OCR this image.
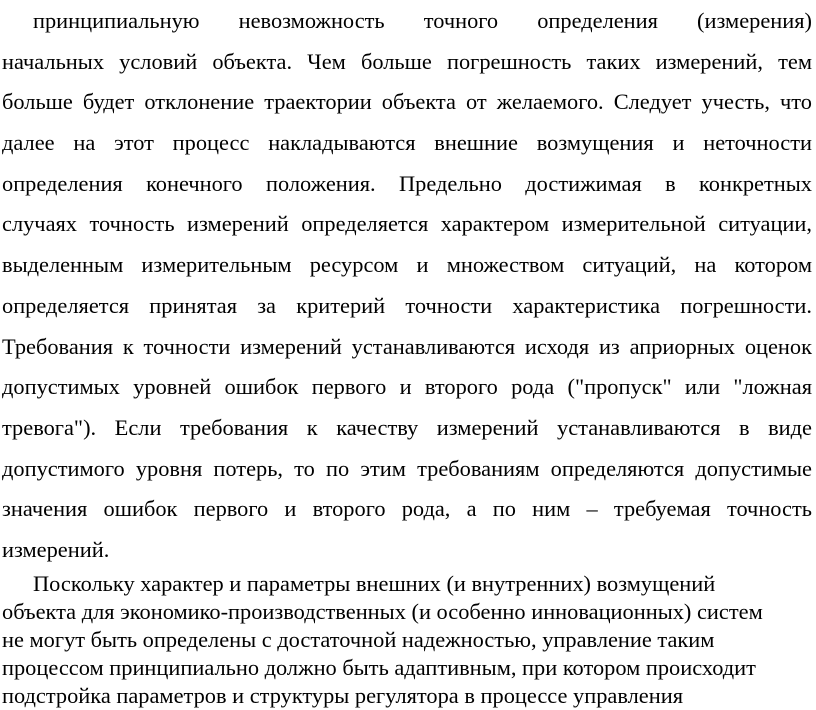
принципиальную невозможность точного определения (измерения)
начальных условий объекта. Чем больше погрешность таких измерений, тем
больше будет отклонение траектории объекта от желаемого. Следует учесть, что
далее на этот процесс накладываются внешние возмущения и неточности
определения конечного положения. Предельно достижимая в конкретных
случаях точность измерений определяется характером измерительной ситуации,
выделенным измерительным ресурсом и множеством ситуаций, на котором
определяется принятая за критерий точности характеристика погрешности.
Требования к точности измерений устанавливаются исходя из априорных оценок
допустимых уровней ошибок первого и второго рода ("пропуск" или "ложная
тревога"). Если требования к качеству измерений устанавливаются в виде
допустимого уровня потерь, то по этим требованиям определяются допустимые
значения ошибок первого и второго рода, а по ним – требуемая точность
измерений.
Поскольку характер и параметры внешних (и внутренних) возмущений
объекта для экономико-производственных (и особенно инновационных) систем
не могут быть определены с достаточной надежностью, управление таким
процессом принципиально должно быть адаптивным, при котором происходит
подстройка параметров и структуры регулятора в процессе управления
